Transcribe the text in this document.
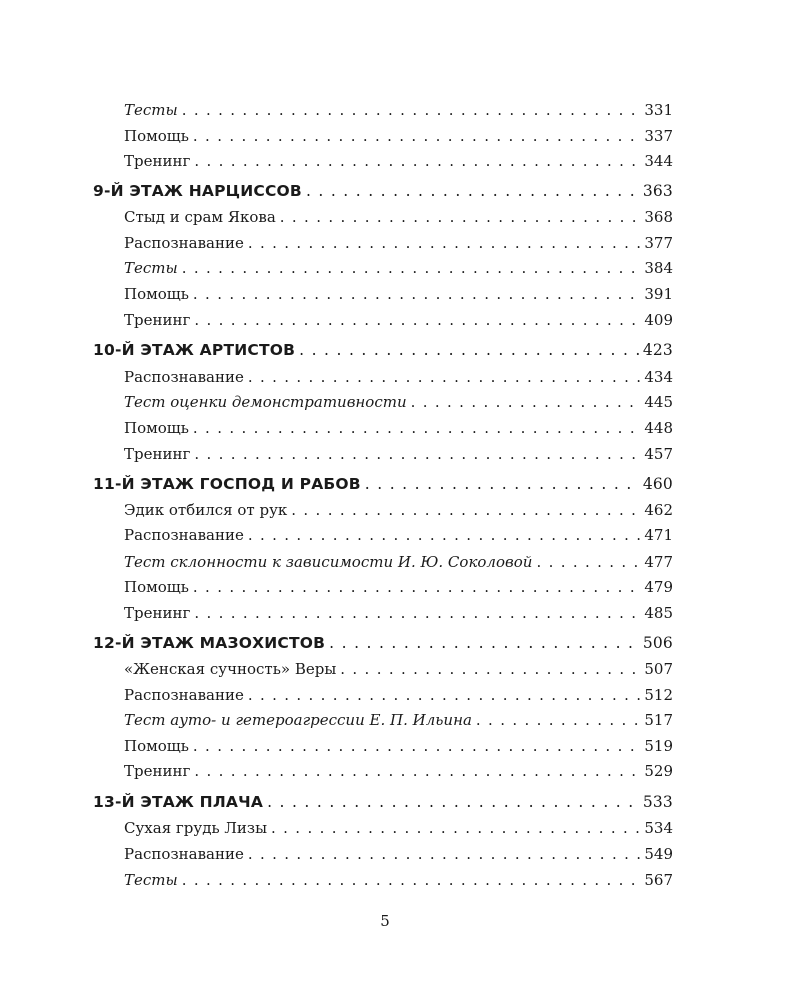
Тесты . . .	331
Помощь . . .	337
Тренинг . . .	344
9-Й ЭТАЖ НАРЦИССОВ . . .	363
Стыд и срам Якова . . .	368
Распознавание . . .	377
Тесты . . .	384
Помощь . . .	391
Тренинг . . .	409
10-Й ЭТАЖ АРТИСТОВ . . .	423
Распознавание . . .	434
Тест оценки демонстративности . . .	445
Помощь . . .	448
Тренинг . . .	457
11-Й ЭТАЖ ГОСПОД И РАБОВ . . .	460
Эдик отбился от рук . . .	462
Распознавание . . .	471
Тест склонности к зависимости И. Ю. Соколовой . . .	477
Помощь . . .	479
Тренинг . . .	485
12-Й ЭТАЖ МАЗОХИСТОВ . . .	506
«Женская сучность» Веры . . .	507
Распознавание . . .	512
Тест ауто- и гетероагрессии Е. П. Ильина . . .	517
Помощь . . .	519
Тренинг . . .	529
13-Й ЭТАЖ ПЛАЧА . . .	533
Сухая грудь Лизы . . .	534
Распознавание . . .	549
Тесты . . .	567
5
